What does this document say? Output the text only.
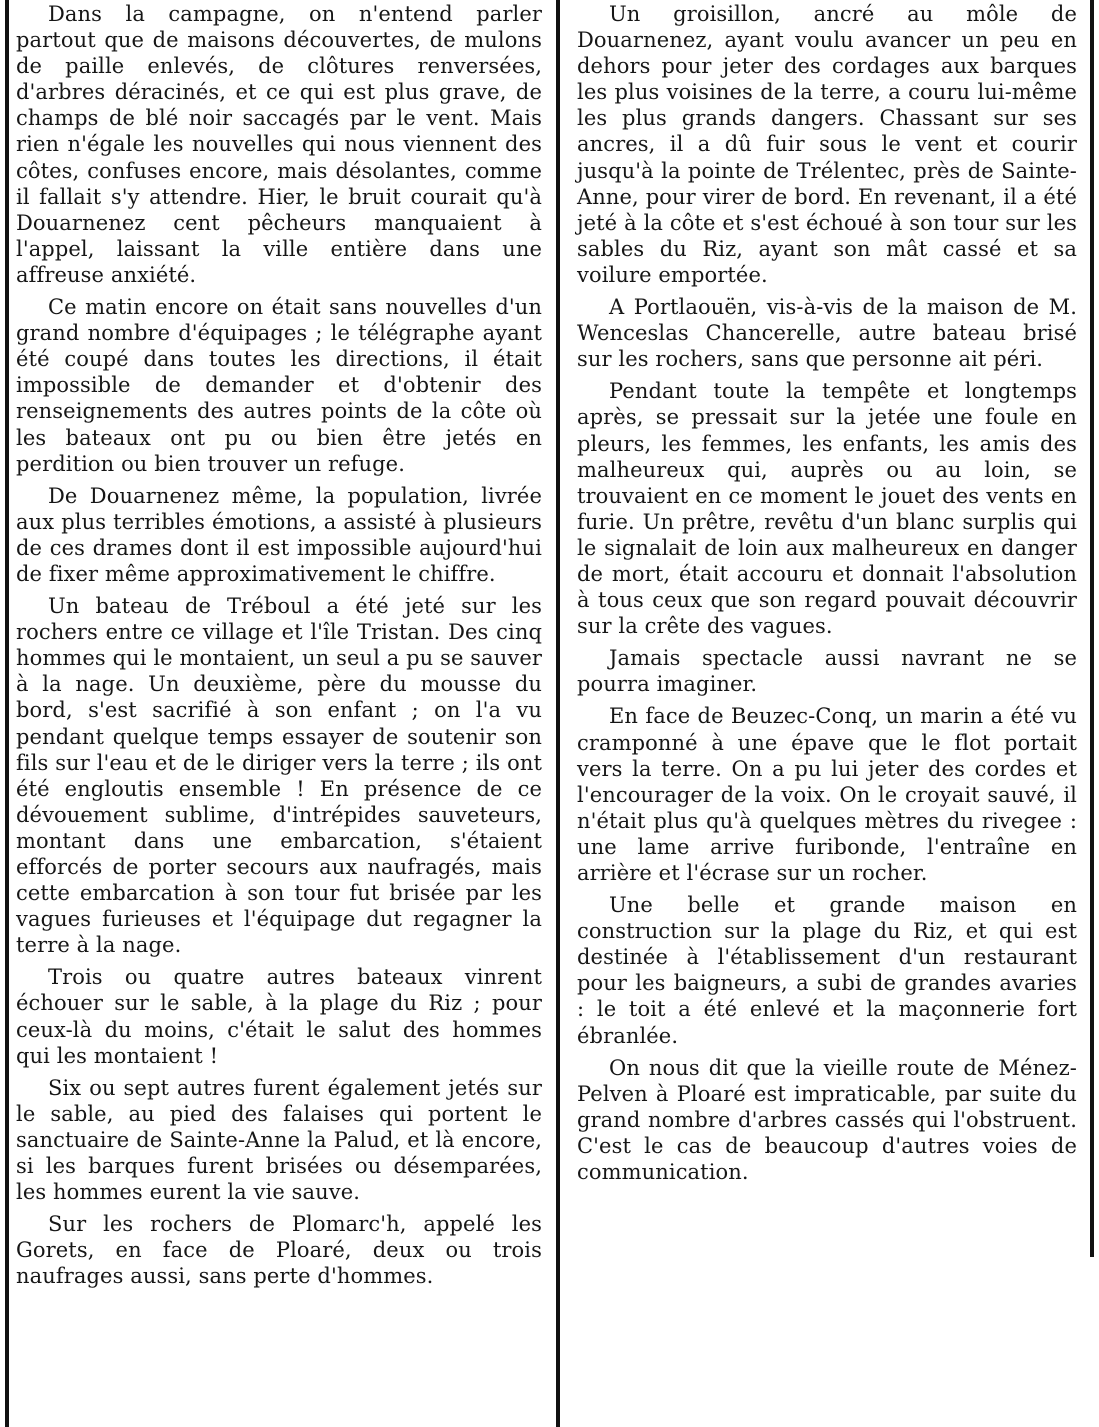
Dans la campagne, on n'entend parler partout que de maisons découvertes, de mulons de paille enlevés, de clôtures renversées, d'arbres déracinés, et ce qui est plus grave, de champs de blé noir saccagés par le vent. Mais rien n'égale les nouvelles qui nous viennent des côtes, confuses encore, mais désolantes, comme il fallait s'y attendre. Hier, le bruit courait qu'à Douarnenez cent pêcheurs manquaient à l'appel, laissant la ville entière dans une affreuse anxiété.

Ce matin encore on était sans nouvelles d'un grand nombre d'équipages ; le télégraphe ayant été coupé dans toutes les directions, il était impossible de demander et d'obtenir des renseignements des autres points de la côte où les bateaux ont pu ou bien être jetés en perdition ou bien trouver un refuge.

De Douarnenez même, la population, livrée aux plus terribles émotions, a assisté à plusieurs de ces drames dont il est impossible aujourd'hui de fixer même approximativement le chiffre.

Un bateau de Tréboul a été jeté sur les rochers entre ce village et l'île Tristan. Des cinq hommes qui le montaient, un seul a pu se sauver à la nage. Un deuxième, père du mousse du bord, s'est sacrifié à son enfant ; on l'a vu pendant quelque temps essayer de soutenir son fils sur l'eau et de le diriger vers la terre ; ils ont été engloutis ensemble ! En présence de ce dévouement sublime, d'intrépides sauveteurs, montant dans une embarcation, s'étaient efforcés de porter secours aux naufragés, mais cette embarcation à son tour fut brisée par les vagues furieuses et l'équipage dut regagner la terre à la nage.

Trois ou quatre autres bateaux vinrent échouer sur le sable, à la plage du Riz ; pour ceux-là du moins, c'était le salut des hommes qui les montaient !

Six ou sept autres furent également jetés sur le sable, au pied des falaises qui portent le sanctuaire de Sainte-Anne la Palud, et là encore, si les barques furent brisées ou désemparées, les hommes eurent la vie sauve.

Sur les rochers de Plomarc'h, appelé les Gorets, en face de Ploaré, deux ou trois naufrages aussi, sans perte d'hommes.

Un groisillon, ancré au môle de Douarnenez, ayant voulu avancer un peu en dehors pour jeter des cordages aux barques les plus voisines de la terre, a couru lui-même les plus grands dangers. Chassant sur ses ancres, il a dû fuir sous le vent et courir jusqu'à la pointe de Trélentec, près de Sainte-Anne, pour virer de bord. En revenant, il a été jeté à la côte et s'est échoué à son tour sur les sables du Riz, ayant son mât cassé et sa voilure emportée.

A Portlaouën, vis-à-vis de la maison de M. Wenceslas Chancerelle, autre bateau brisé sur les rochers, sans que personne ait péri.

Pendant toute la tempête et longtemps après, se pressait sur la jetée une foule en pleurs, les femmes, les enfants, les amis des malheureux qui, auprès ou au loin, se trouvaient en ce moment le jouet des vents en furie. Un prêtre, revêtu d'un blanc surplis qui le signalait de loin aux malheureux en danger de mort, était accouru et donnait l'absolution à tous ceux que son regard pouvait découvrir sur la crête des vagues.

Jamais spectacle aussi navrant ne se pourra imaginer.

En face de Beuzec-Conq, un marin a été vu cramponné à une épave que le flot portait vers la terre. On a pu lui jeter des cordes et l'encourager de la voix. On le croyait sauvé, il n'était plus qu'à quelques mètres du rivegee : une lame arrive furibonde, l'entraîne en arrière et l'écrase sur un rocher.

Une belle et grande maison en construction sur la plage du Riz, et qui est destinée à l'établissement d'un restaurant pour les baigneurs, a subi de grandes avaries : le toit a été enlevé et la maçonnerie fort ébranlée.

On nous dit que la vieille route de Ménez-Pelven à Ploaré est impraticable, par suite du grand nombre d'arbres cassés qui l'obstruent. C'est le cas de beaucoup d'autres voies de communication.
